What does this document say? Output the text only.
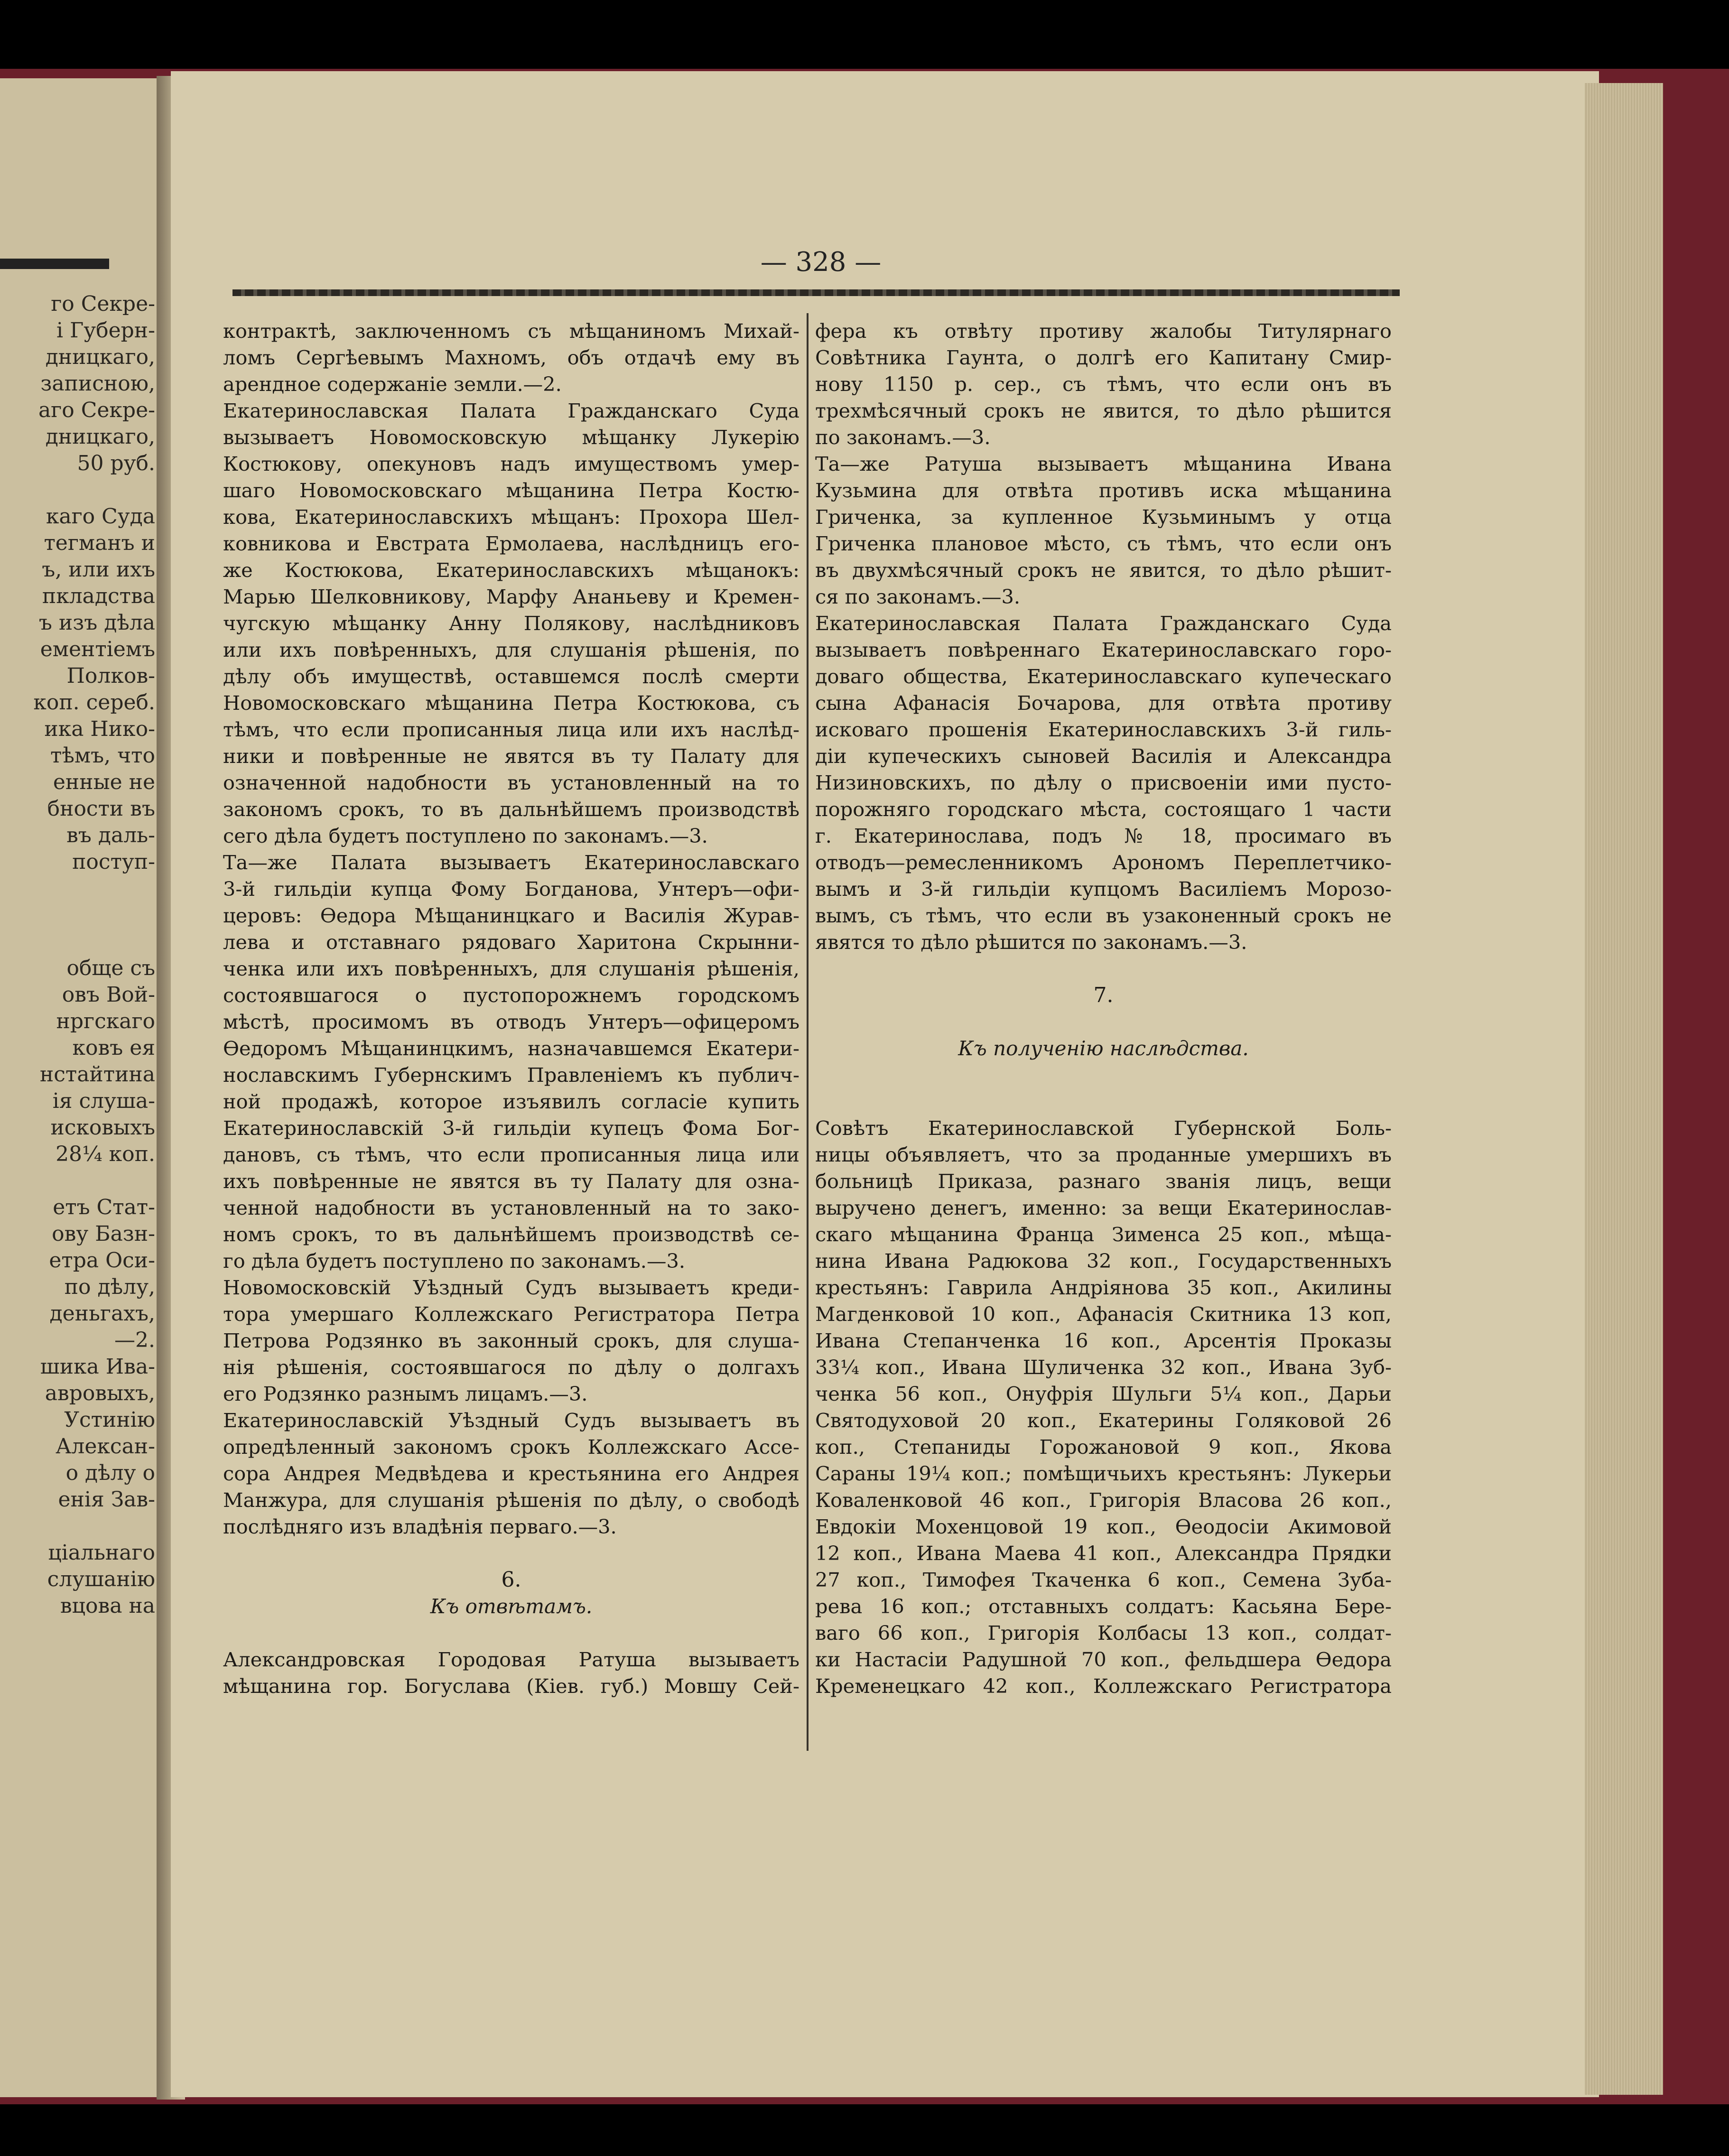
го Секре-
і Губерн-
дницкаго,
записною,
аго Секре-
дницкаго,
50 руб.
каго Суда
тегманъ и
ъ, или ихъ
пкладства
ъ изъ дѣла
ементіемъ
Полков-
коп. сереб.
ика Нико-
тѣмъ, что
енные не
бности въ
въ даль-
поступ-
обще съ
овъ Вой-
нргскаго
ковъ ея
нстайтина
ія слуша-
исковыхъ
28¼ коп.
етъ Стат-
ову Базн-
етра Оси-
по дѣлу,
деньгахъ,
—2.
шика Ива-
авровыхъ,
Устинію
Алексан-
о дѣлу о
енія Зав-
ціальнаго
слушанію
вцова на
— 328 —
контрактѣ, заключенномъ съ мѣщаниномъ Михай-
ломъ Сергѣевымъ Махномъ, объ отдачѣ ему въ
арендное содержаніе земли.—2.
Екатеринославская Палата Гражданскаго Суда
вызываетъ Новомосковскую мѣщанку Лукерію
Костюкову, опекуновъ надъ имуществомъ умер-
шаго Новомосковскаго мѣщанина Петра Костю-
кова, Екатеринославскихъ мѣщанъ: Прохора Шел-
ковникова и Евстрата Ермолаева, наслѣдницъ его-
же Костюкова, Екатеринославскихъ мѣщанокъ:
Марью Шелковникову, Марфу Ананьеву и Кремен-
чугскую мѣщанку Анну Полякову, наслѣдниковъ
или ихъ повѣренныхъ, для слушанія рѣшенія, по
дѣлу объ имуществѣ, оставшемся послѣ смерти
Новомосковскаго мѣщанина Петра Костюкова, съ
тѣмъ, что если прописанныя лица или ихъ наслѣд-
ники и повѣренные не явятся въ ту Палату для
означенной надобности въ установленный на то
закономъ срокъ, то въ дальнѣйшемъ производствѣ
сего дѣла будетъ поступлено по законамъ.—3.
Та—же Палата вызываетъ Екатеринославскаго
3-й гильдіи купца Фому Богданова, Унтеръ—офи-
церовъ: Ѳедора Мѣщанинцкаго и Василія Журав-
лева и отставнаго рядоваго Харитона Скрынни-
ченка или ихъ повѣренныхъ, для слушанія рѣшенія,
состоявшагося о пустопорожнемъ городскомъ
мѣстѣ, просимомъ въ отводъ Унтеръ—офицеромъ
Ѳедоромъ Мѣщанинцкимъ, назначавшемся Екатери-
нославскимъ Губернскимъ Правленіемъ къ публич-
ной продажѣ, которое изъявилъ согласіе купить
Екатеринославскій 3-й гильдіи купецъ Фома Бог-
дановъ, съ тѣмъ, что если прописанныя лица или
ихъ повѣренные не явятся въ ту Палату для озна-
ченной надобности въ установленный на то зако-
номъ срокъ, то въ дальнѣйшемъ производствѣ се-
го дѣла будетъ поступлено по законамъ.—3.
Новомосковскій Уѣздный Судъ вызываетъ креди-
тора умершаго Коллежскаго Регистратора Петра
Петрова Родзянко въ законный срокъ, для слуша-
нія рѣшенія, состоявшагося по дѣлу о долгахъ
его Родзянко разнымъ лицамъ.—3.
Екатеринославскій Уѣздный Судъ вызываетъ въ
опредѣленный закономъ срокъ Коллежскаго Ассе-
сора Андрея Медвѣдева и крестьянина его Андрея
Манжура, для слушанія рѣшенія по дѣлу, о свободѣ
послѣдняго изъ владѣнія перваго.—3.
6.
Къ отвѣтамъ.
Александровская Городовая Ратуша вызываетъ
мѣщанина гор. Богуслава (Кіев. губ.) Мовшу Сей-
фера къ отвѣту противу жалобы Титулярнаго
Совѣтника Гаунта, о долгѣ его Капитану Смир-
нову 1150 р. сер., съ тѣмъ, что если онъ въ
трехмѣсячный срокъ не явится, то дѣло рѣшится
по законамъ.—3.
Та—же Ратуша вызываетъ мѣщанина Ивана
Кузьмина для отвѣта противъ иска мѣщанина
Гриченка, за купленное Кузьминымъ у отца
Гриченка плановое мѣсто, съ тѣмъ, что если онъ
въ двухмѣсячный срокъ не явится, то дѣло рѣшит-
ся по законамъ.—3.
Екатеринославская Палата Гражданскаго Суда
вызываетъ повѣреннаго Екатеринославскаго горо-
доваго общества, Екатеринославскаго купеческаго
сына Афанасія Бочарова, для отвѣта противу
исковаго прошенія Екатеринославскихъ 3-й гиль-
діи купеческихъ сыновей Василія и Александра
Низиновскихъ, по дѣлу о присвоеніи ими пусто-
порожняго городскаго мѣста, состоящаго 1 части
г. Екатеринослава, подъ № 18, просимаго въ
отводъ—ремесленникомъ Арономъ Переплетчико-
вымъ и 3-й гильдіи купцомъ Василіемъ Морозо-
вымъ, съ тѣмъ, что если въ узаконенный срокъ не
явятся то дѣло рѣшится по законамъ.—3.
7.
Къ полученію наслѣдства.
Совѣтъ Екатеринославской Губернской Боль-
ницы объявляетъ, что за проданные умершихъ въ
больницѣ Приказа, разнаго званія лицъ, вещи
вырученo денегъ, именно: за вещи Екатеринослав-
скаго мѣщанина Франца Зименса 25 коп., мѣща-
нина Ивана Радюкова 32 коп., Государственныхъ
крестьянъ: Гаврила Андріянова 35 коп., Акилины
Магденковой 10 коп., Афанасія Скитника 13 коп,
Ивана Степанченка 16 коп., Арсентія Прокaзы
33¼ коп., Ивана Шуличенка 32 коп., Ивана Зуб-
ченка 56 коп., Онуфрія Шульги 5¼ коп., Дарьи
Святодуховой 20 коп., Екатерины Голяковой 26
коп., Степаниды Горожановой 9 коп., Якова
Сараны 19¼ коп.; помѣщичьихъ крестьянъ: Лукерьи
Коваленковой 46 коп., Григорія Власова 26 коп.,
Евдокіи Мохенцовой 19 коп., Ѳеодосіи Акимовой
12 коп., Ивана Маева 41 коп., Александра Прядки
27 коп., Тимофея Ткаченка 6 коп., Семена Зуба-
рева 16 коп.; отставныхъ солдатъ: Касьяна Бере-
ваго 66 коп., Григорія Колбасы 13 коп., солдат-
ки Настасіи Радушной 70 коп., фельдшера Ѳедора
Кременецкаго 42 коп., Коллежскаго Регистратора
